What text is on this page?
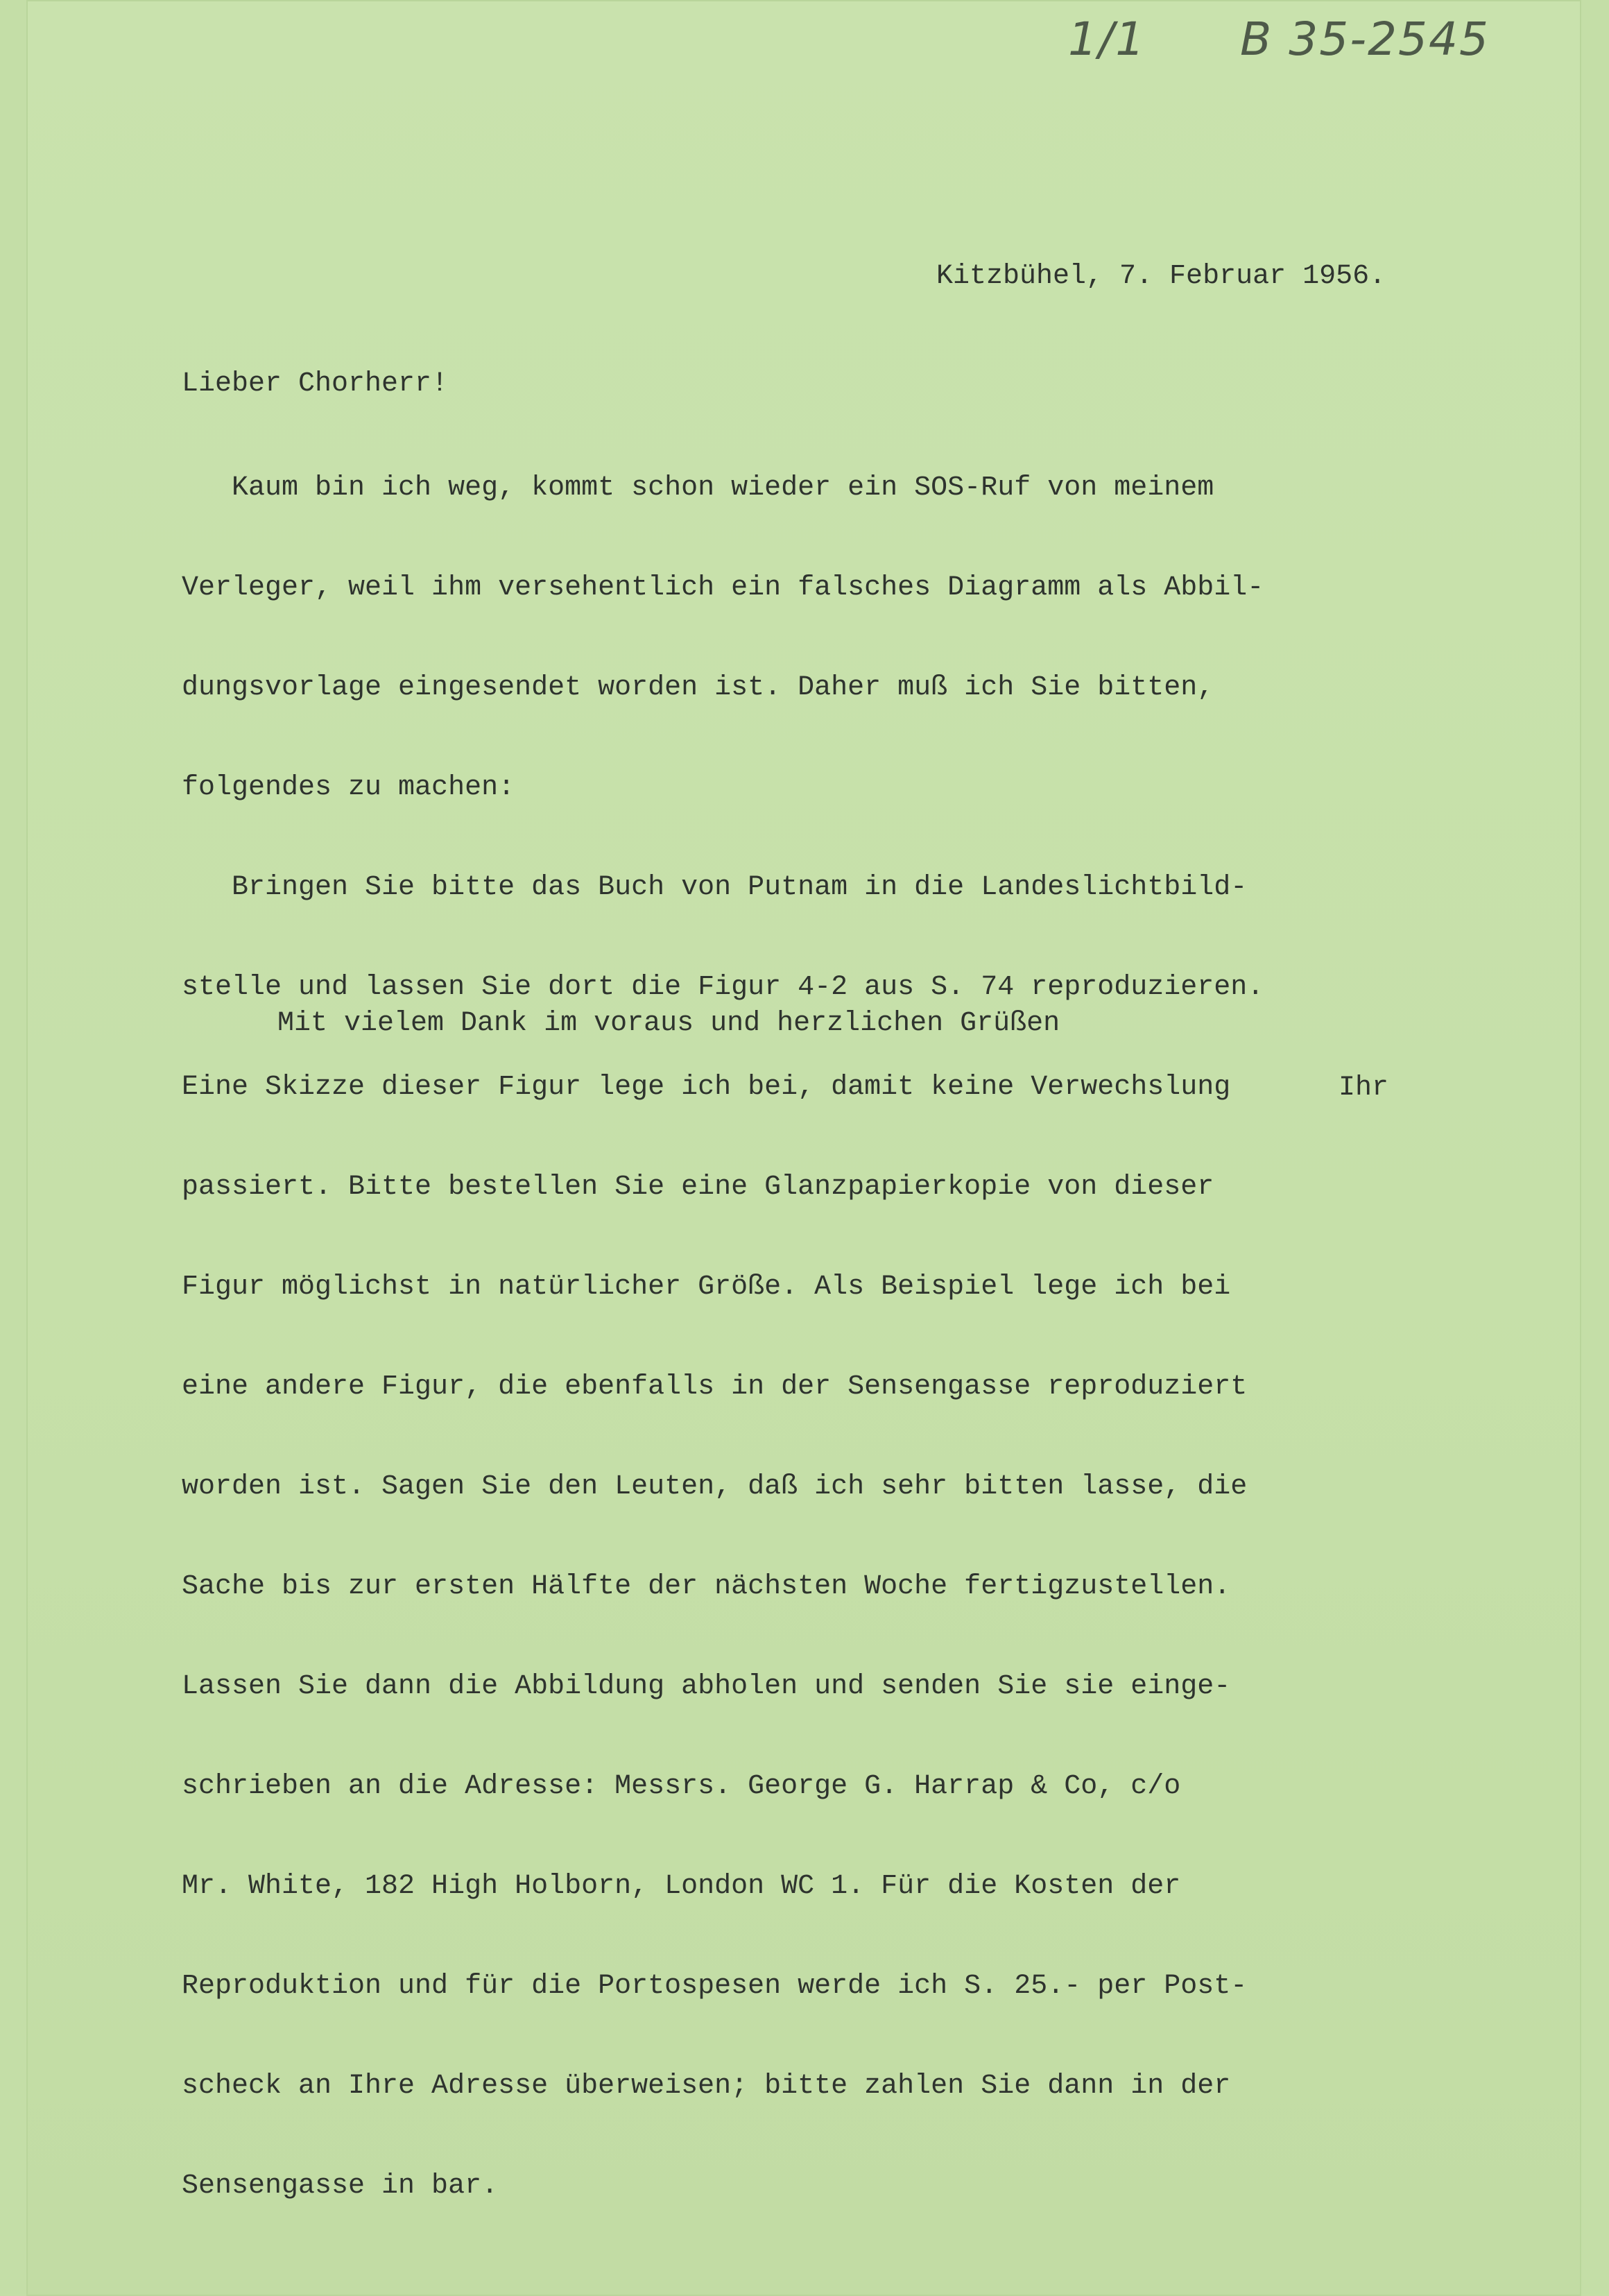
1/1 B 35-2545
Kitzbühel, 7. Februar 1956.
Lieber Chorherr!

Kaum bin ich weg, kommt schon wieder ein SOS-Ruf von meinem

Verleger, weil ihm versehentlich ein falsches Diagramm als Abbil-

dungsvorlage eingesendet worden ist. Daher muß ich Sie bitten,

folgendes zu machen:

Bringen Sie bitte das Buch von Putnam in die Landeslichtbild-

stelle und lassen Sie dort die Figur 4-2 aus S. 74 reproduzieren.

Eine Skizze dieser Figur lege ich bei, damit keine Verwechslung

passiert. Bitte bestellen Sie eine Glanzpapierkopie von dieser

Figur möglichst in natürlicher Größe. Als Beispiel lege ich bei

eine andere Figur, die ebenfalls in der Sensengasse reproduziert

worden ist. Sagen Sie den Leuten, daß ich sehr bitten lasse, die

Sache bis zur ersten Hälfte der nächsten Woche fertigzustellen.

Lassen Sie dann die Abbildung abholen und senden Sie sie einge-

schrieben an die Adresse: Messrs. George G. Harrap & Co, c/o

Mr. White, 182 High Holborn, London WC 1. Für die Kosten der

Reproduktion und für die Portospesen werde ich S. 25.- per Post-

scheck an Ihre Adresse überweisen; bitte zahlen Sie dann in der

Sensengasse in bar.

Mit vielem Dank im voraus und herzlichen Grüßen
Ihr
